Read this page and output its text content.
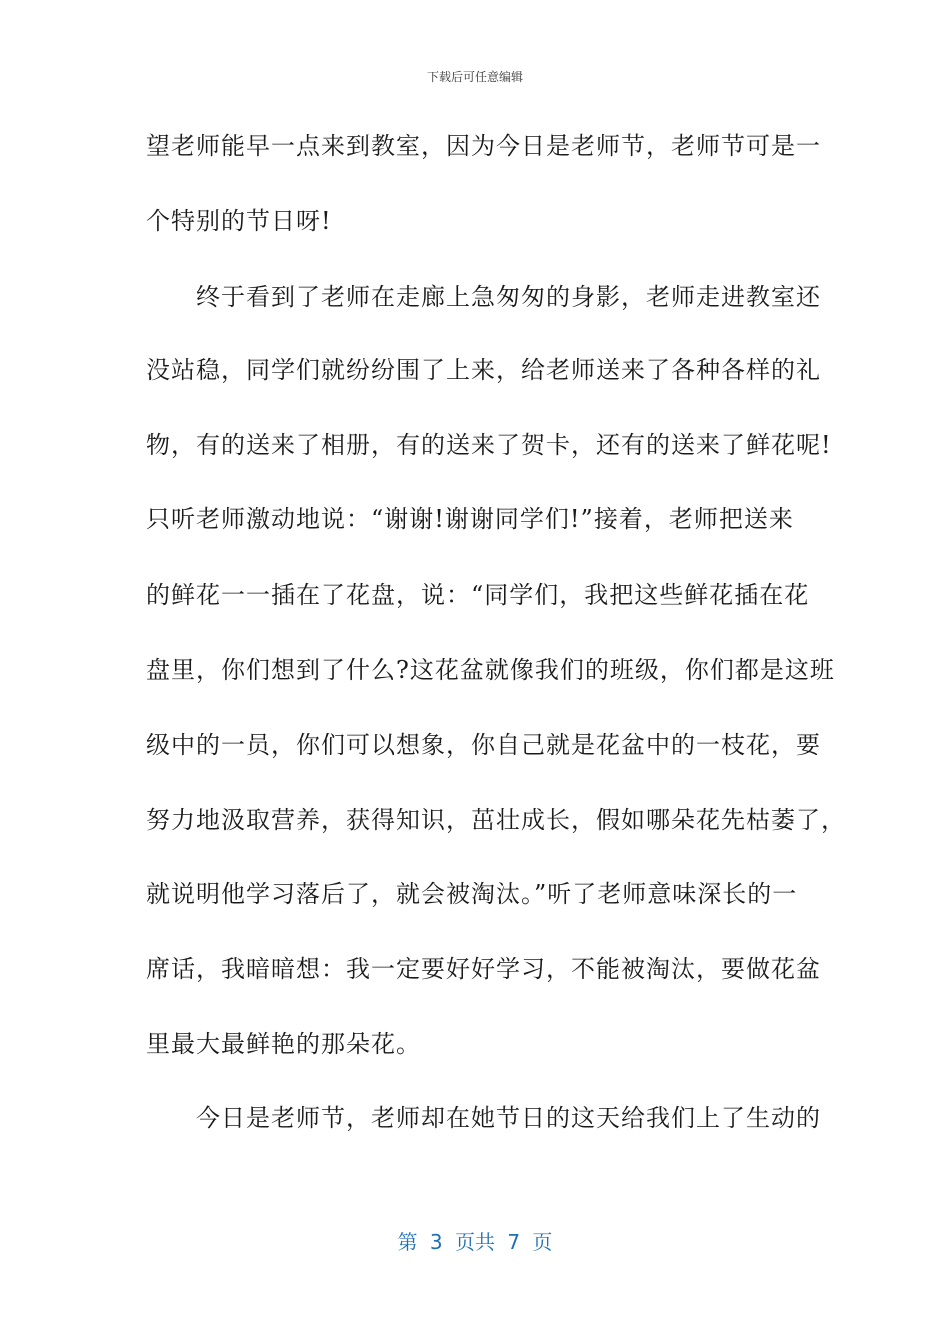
下载后可任意编辑
望老师能早一点来到教室，因为今日是老师节，老师节可是一
个特别的节日呀!
　　终于看到了老师在走廊上急匆匆的身影，老师走进教室还
没站稳，同学们就纷纷围了上来，给老师送来了各种各样的礼
物，有的送来了相册，有的送来了贺卡，还有的送来了鲜花呢!
只听老师激动地说：“谢谢!谢谢同学们!”接着，老师把送来
的鲜花一一插在了花盘，说：“同学们，我把这些鲜花插在花
盘里，你们想到了什么?这花盆就像我们的班级，你们都是这班
级中的一员，你们可以想象，你自己就是花盆中的一枝花，要
努力地汲取营养，获得知识，茁壮成长，假如哪朵花先枯萎了，
就说明他学习落后了，就会被淘汰。”听了老师意味深长的一
席话，我暗暗想：我一定要好好学习，不能被淘汰，要做花盆
里最大最鲜艳的那朵花。
　　今日是老师节，老师却在她节日的这天给我们上了生动的
第 3 页共 7 页
